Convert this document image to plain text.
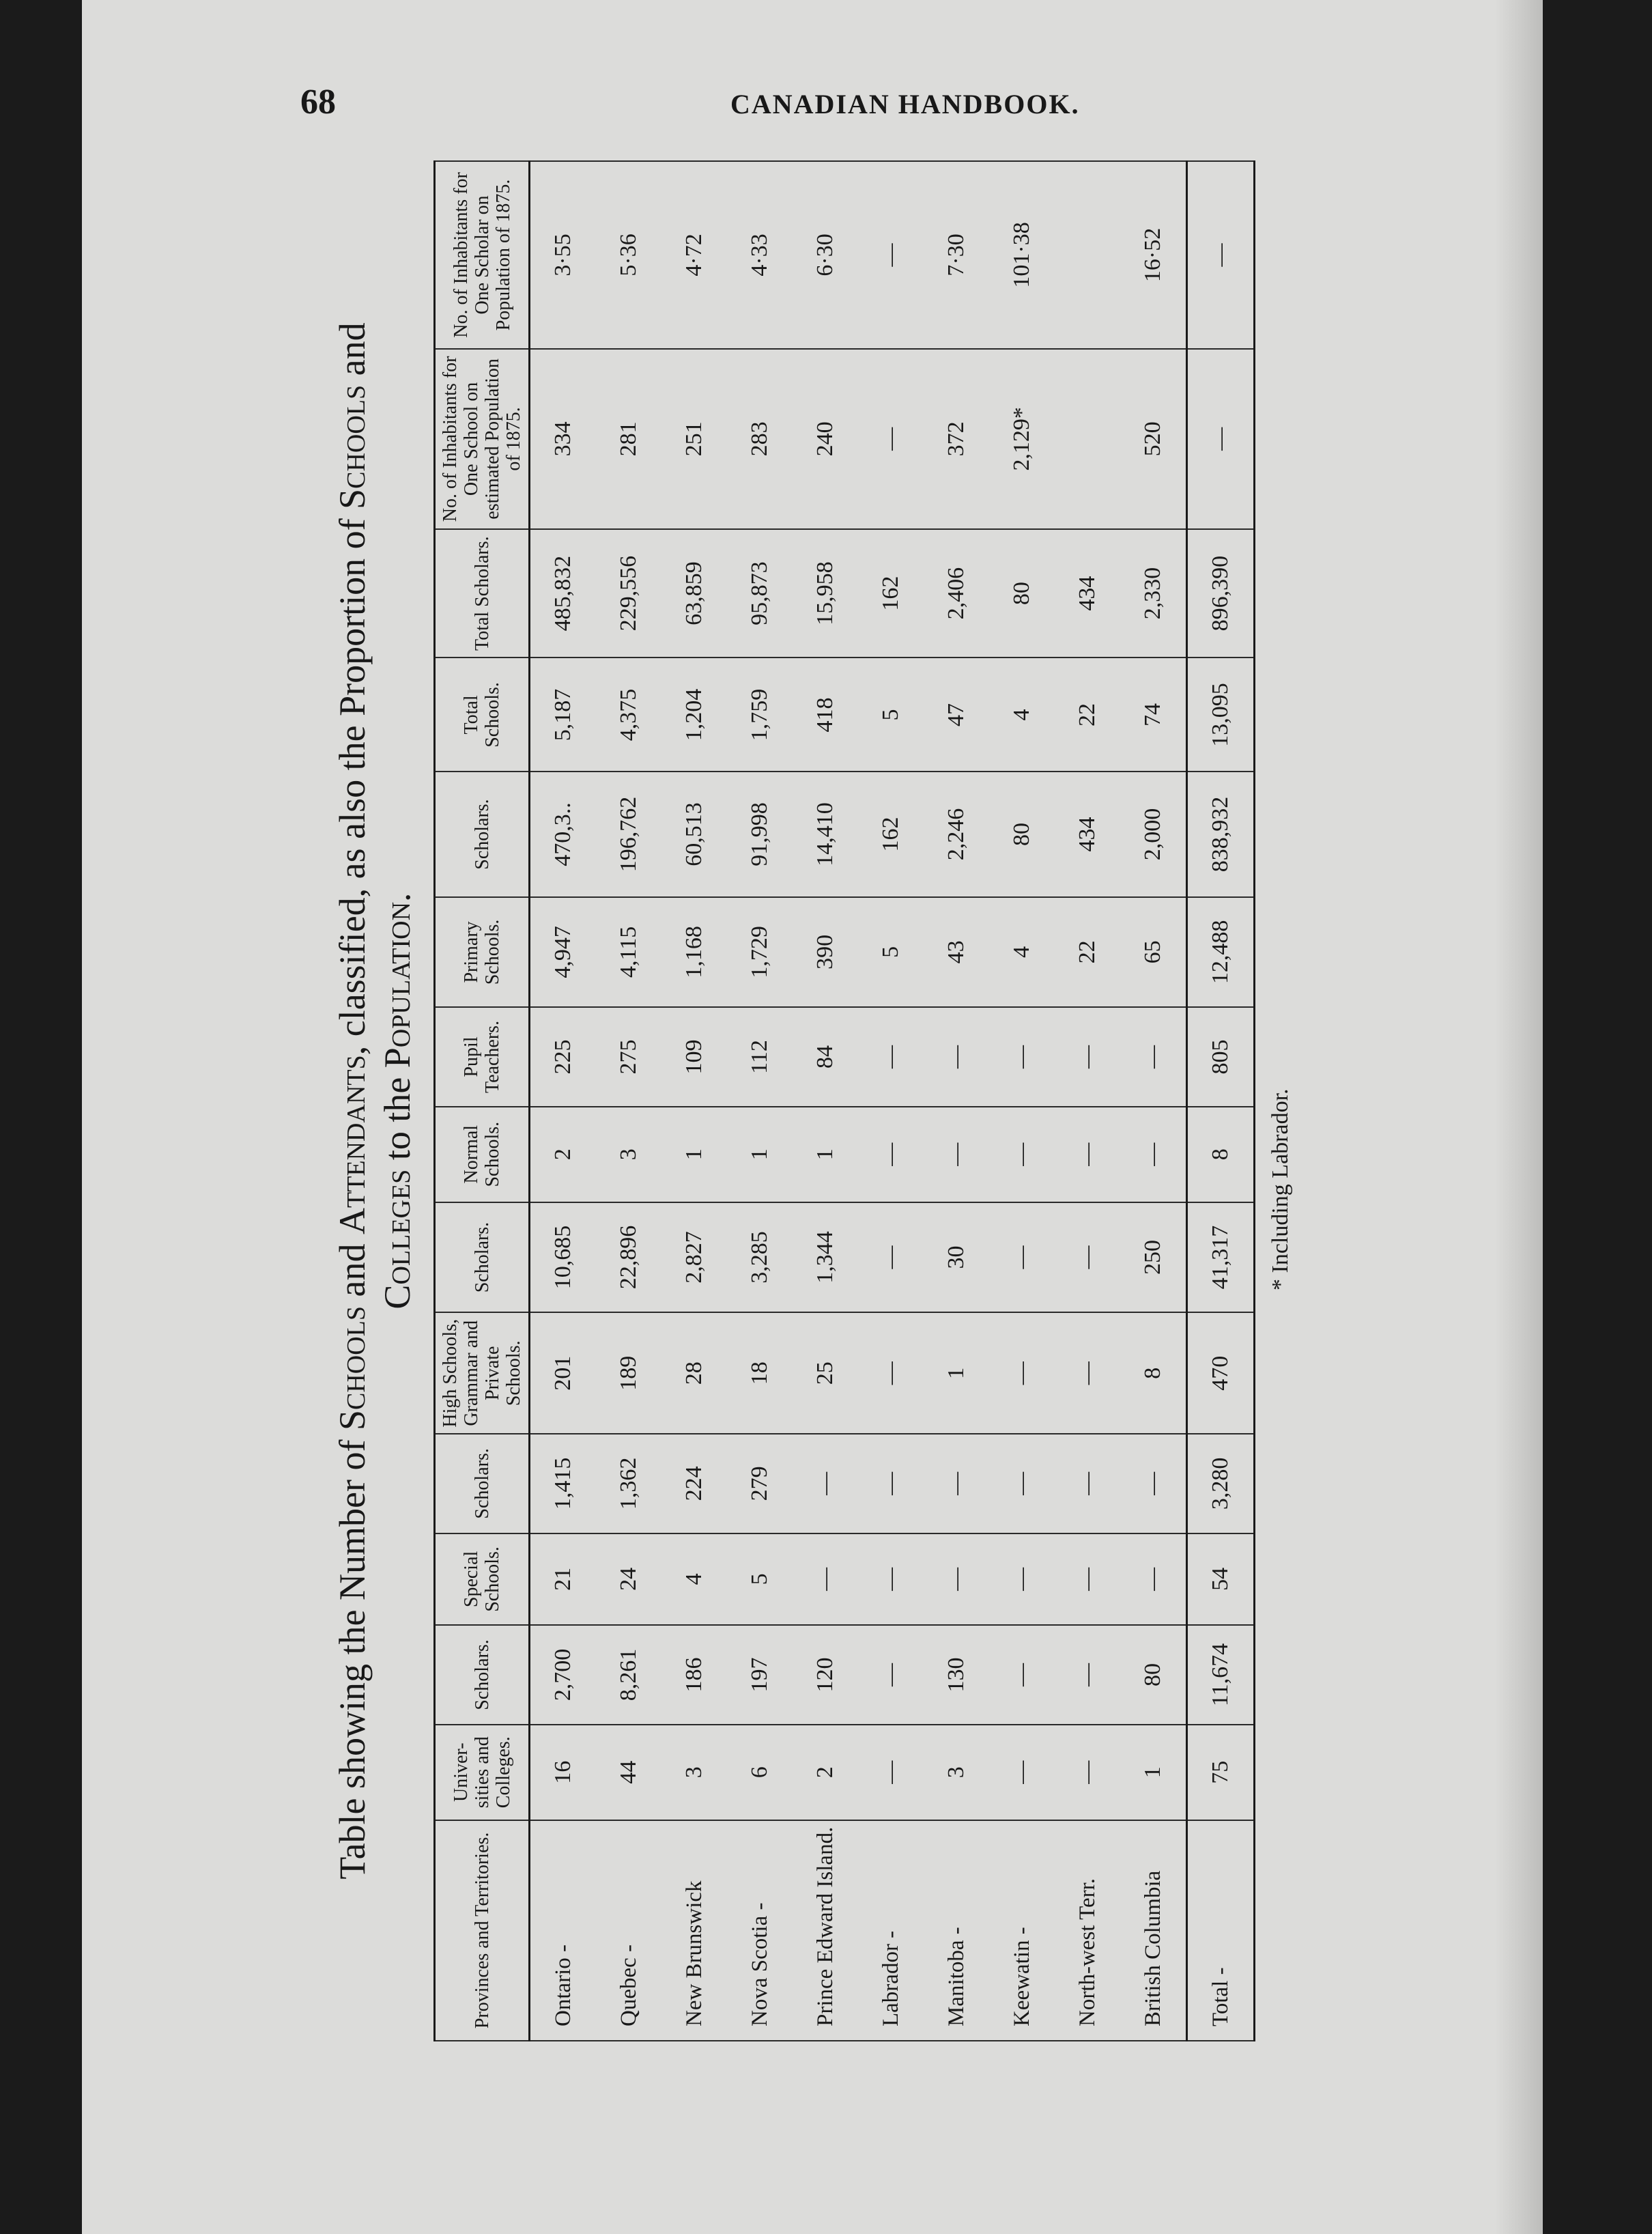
68	CANADIAN HANDBOOK.
Table showing the Number of Schools and Attendants, classified, as also the Proportion of Schools and
Colleges to the Population.
Provinces and Territories.	Univer-sities and Colleges.	Scholars.	Special Schools.	Scholars.	High Schools, Grammar and Private Schools.	Scholars.	Normal Schools.	Pupil Teachers.	Primary Schools.	Scholars.	Total Schools.	Total Scholars.	No. of Inhabitants for One School on estimated Population of 1875.	No. of Inhabitants for One Scholar on Population of 1875.
Ontario -	16	2,700	21	1,415	201	10,685	2	225	4,947	470,3..	5,187	485,832	334	3·55
Quebec -	44	8,261	24	1,362	189	22,896	3	275	4,115	196,762	4,375	229,556	281	5·36
New Brunswick	3	186	4	224	28	2,827	1	109	1,168	60,513	1,204	63,859	251	4·72
Nova Scotia -	6	197	5	279	18	3,285	1	112	1,729	91,998	1,759	95,873	283	4·33
Prince Edward Island.	2	120	—	—	25	1,344	1	84	390	14,410	418	15,958	240	6·30
Labrador -	—	—	—	—	—	—	—	—	5	162	5	162	—	—
Manitoba -	3	130	—	—	1	30	—	—	43	2,246	47	2,406	372	7·30
Keewatin -	—	—	—	—	—	—	—	—	4	80	4	80	2,129*	101·38
North-west Terr.	—	—	—	—	—	—	—	—	22	434	22	434		
British Columbia	1	80	—	—	8	250	—	—	65	2,000	74	2,330	520	16·52
Total -	75	11,674	54	3,280	470	41,317	8	805	12,488	838,932	13,095	896,390	—	—
* Including Labrador.
